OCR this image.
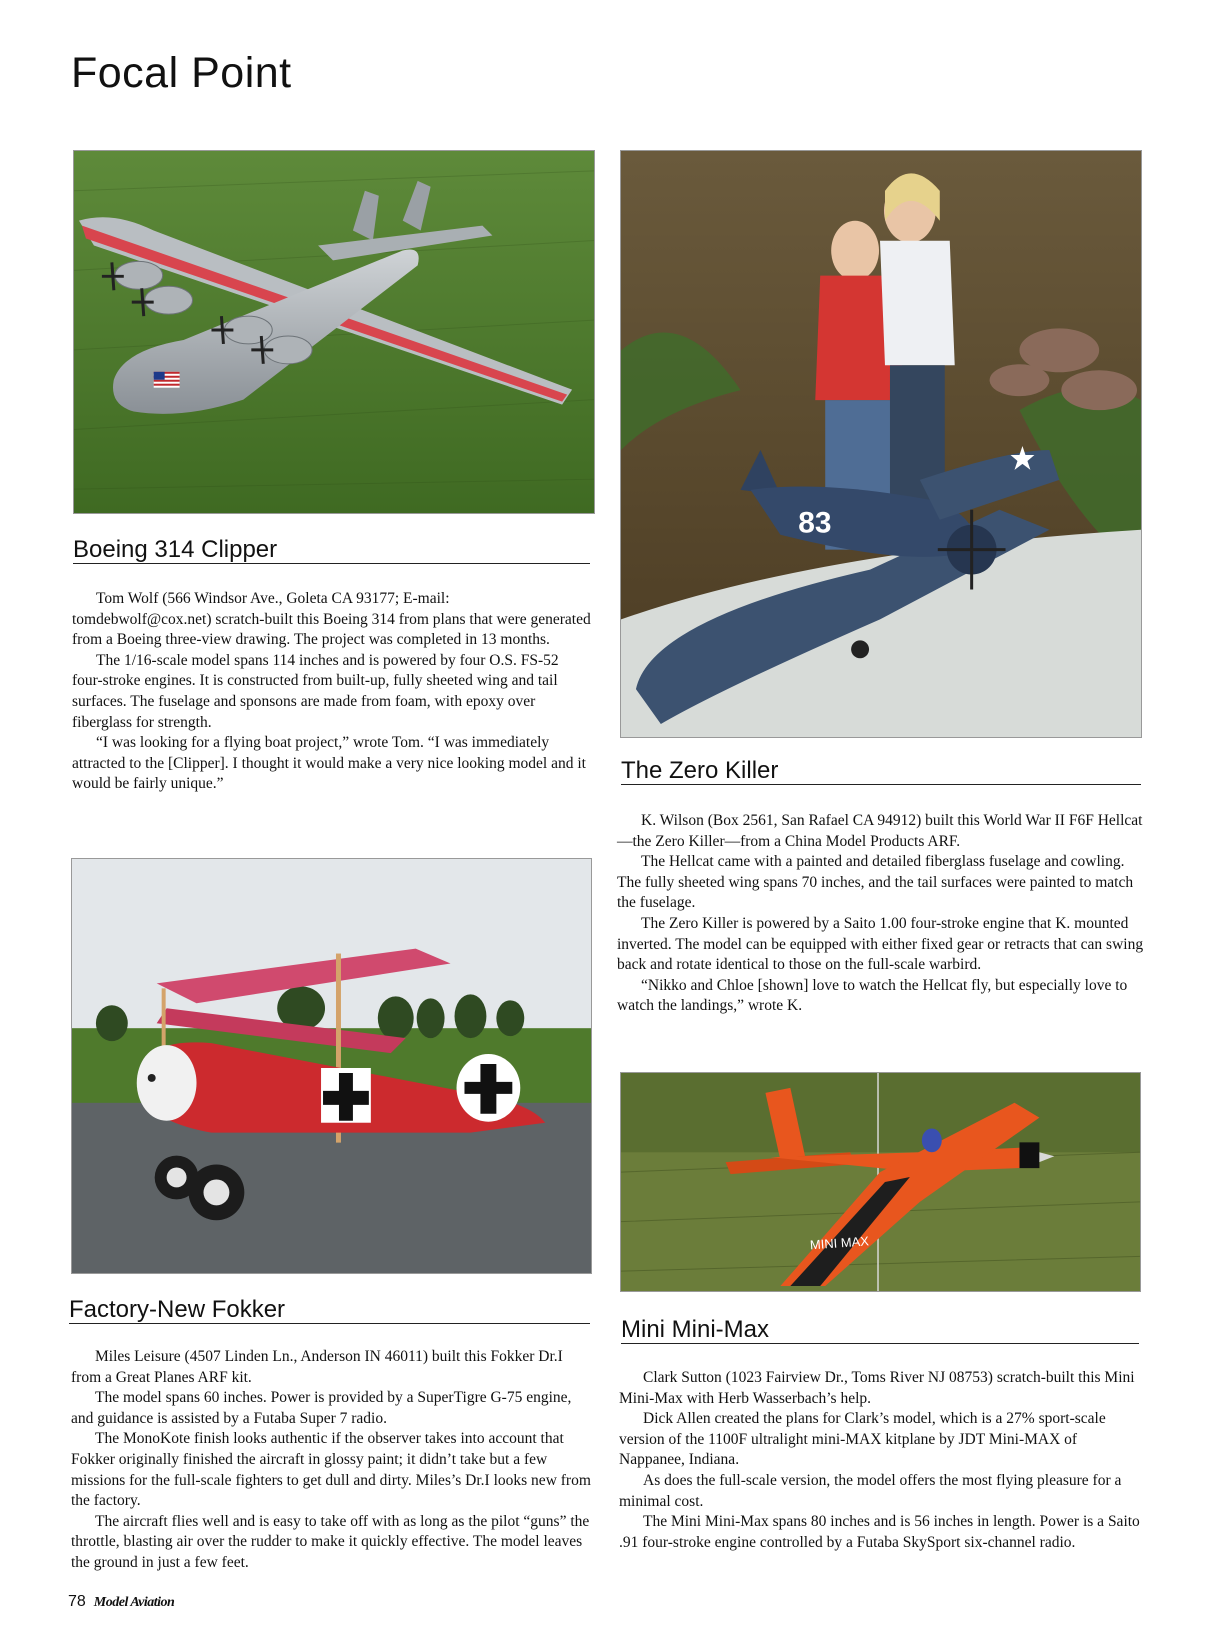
Focal Point
Boeing 314 Clipper

Tom Wolf (566 Windsor Ave., Goleta CA 93177; E-mail: tomdebwolf@cox.net) scratch-built this Boeing 314 from plans that were generated from a Boeing three-view drawing. The project was completed in 13 months.

The 1/16-scale model spans 114 inches and is powered by four O.S. FS-52 four-stroke engines. It is constructed from built-up, fully sheeted wing and tail surfaces. The fuselage and sponsons are made from foam, with epoxy over fiberglass for strength.

“I was looking for a flying boat project,” wrote Tom. “I was immediately attracted to the [Clipper]. I thought it would make a very nice looking model and it would be fairly unique.”

83
The Zero Killer

K. Wilson (Box 2561, San Rafael CA 94912) built this World War II F6F Hellcat—the Zero Killer—from a China Model Products ARF.

The Hellcat came with a painted and detailed fiberglass fuselage and cowling. The fully sheeted wing spans 70 inches, and the tail surfaces were painted to match the fuselage.

The Zero Killer is powered by a Saito 1.00 four-stroke engine that K. mounted inverted. The model can be equipped with either fixed gear or retracts that can swing back and rotate identical to those on the full-scale warbird.

“Nikko and Chloe [shown] love to watch the Hellcat fly, but especially love to watch the landings,” wrote K.

Factory-New Fokker

Miles Leisure (4507 Linden Ln., Anderson IN 46011) built this Fokker Dr.I from a Great Planes ARF kit.

The model spans 60 inches. Power is provided by a SuperTigre G-75 engine, and guidance is assisted by a Futaba Super 7 radio.

The MonoKote finish looks authentic if the observer takes into account that Fokker originally finished the aircraft in glossy paint; it didn’t take but a few missions for the full-scale fighters to get dull and dirty. Miles’s Dr.I looks new from the factory.

The aircraft flies well and is easy to take off with as long as the pilot “guns” the throttle, blasting air over the rudder to make it quickly effective. The model leaves the ground in just a few feet.

MINI MAX
Mini Mini-Max

Clark Sutton (1023 Fairview Dr., Toms River NJ 08753) scratch-built this Mini Mini-Max with Herb Wasserbach’s help.

Dick Allen created the plans for Clark’s model, which is a 27% sport-scale version of the 1100F ultralight mini-MAX kitplane by JDT Mini-MAX of Nappanee, Indiana.

As does the full-scale version, the model offers the most flying pleasure for a minimal cost.

The Mini Mini-Max spans 80 inches and is 56 inches in length. Power is a Saito .91 four-stroke engine controlled by a Futaba SkySport six-channel radio.

78 Model Aviation
